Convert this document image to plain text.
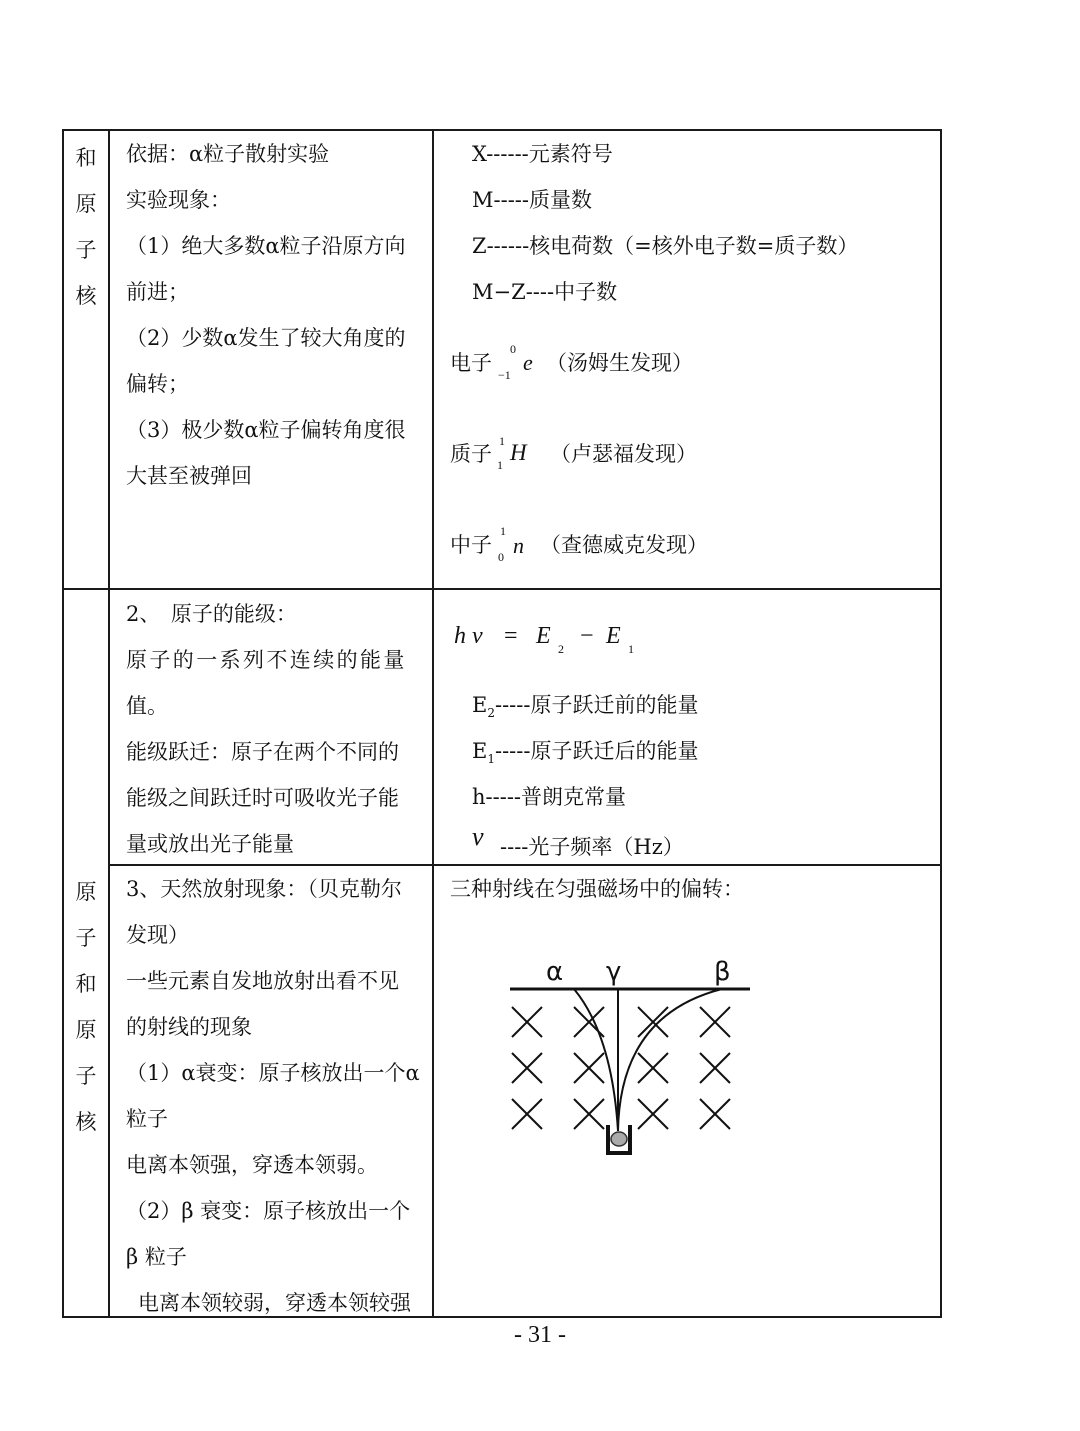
和
原
子
核
原
子
和
原
子
核
依据：α粒子散射实验
实验现象：
（1）绝大多数α粒子沿原方向
前进；
（2）少数α发生了较大角度的
偏转；
（3）极少数α粒子偏转角度很
大甚至被弹回
X------元素符号
M-----质量数
Z------核电荷数（=核外电子数=质子数）
M−Z----中子数
电子
0
−1 e （汤姆生发现）
质子
1
1 H （卢瑟福发现）
中子
1
0 n （查德威克发现）
2、　原子的能级：
原子的一系列不连续的能量
值。
能级跃迁：原子在两个不同的
能级之间跃迁时可吸收光子能
量或放出光子能量
hν = E 2 − E 1
$E_2-----$原子跃迁前的能量
$E_1-----$原子跃迁后的能量
h-----普朗克常量
ν ----光子频率（Hz）
3、天然放射现象：（贝克勒尔
发现）
一些元素自发地放射出看不见
的射线的现象
（1）α衰变：原子核放出一个α
粒子
电离本领强，穿透本领弱。
（2）β 衰变：原子核放出一个
β 粒子
电离本领较弱，穿透本领较强
三种射线在匀强磁场中的偏转：
α γ	β
- 31 -
